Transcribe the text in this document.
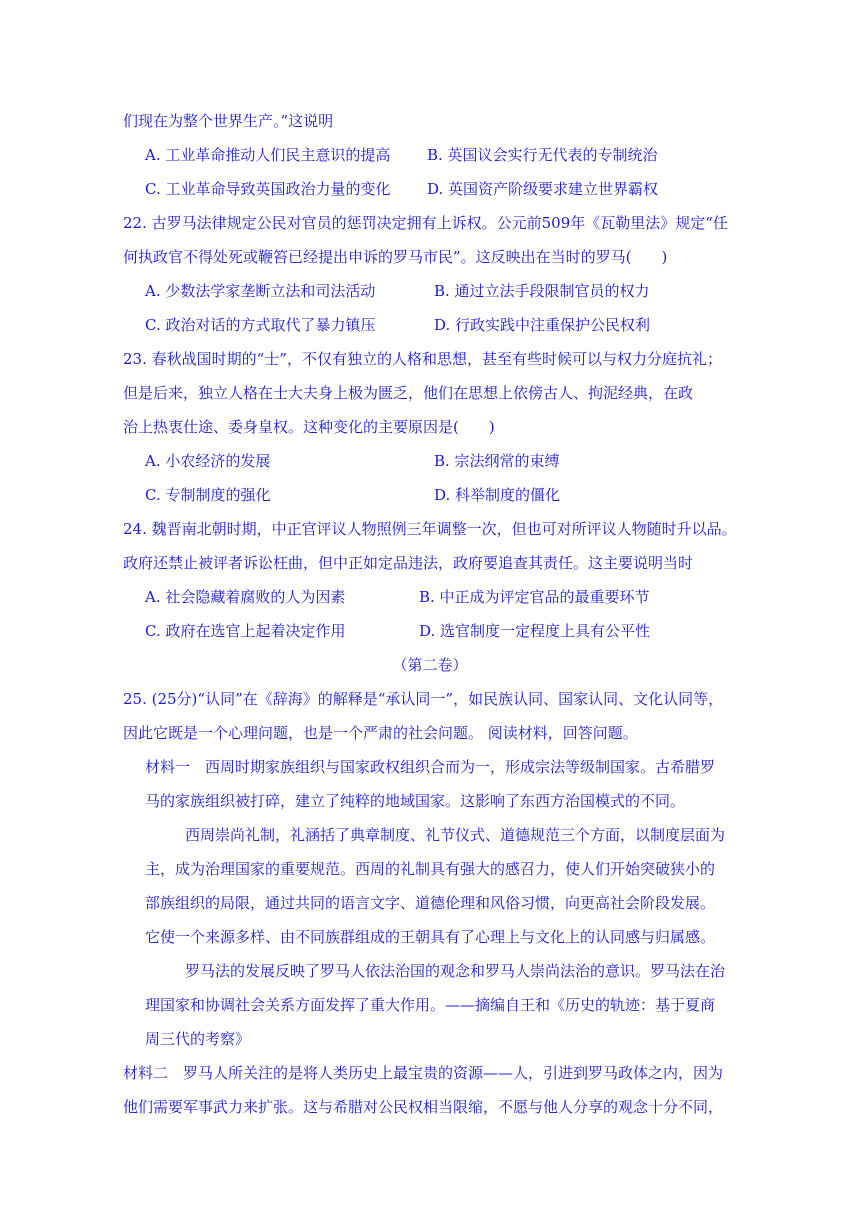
们现在为整个世界生产。”这说明
A. 工业革命推动人们民主意识的提高 B. 英国议会实行无代表的专制统治
C. 工业革命导致英国政治力量的变化 D. 英国资产阶级要求建立世界霸权
22. 古罗马法律规定公民对官员的惩罚决定拥有上诉权。公元前509年《瓦勒里法》规定“任
何执政官不得处死或鞭笞已经提出申诉的罗马市民”。这反映出在当时的罗马(　　)
A. 少数法学家垄断立法和司法活动	B. 通过立法手段限制官员的权力
C. 政治对话的方式取代了暴力镇压	D. 行政实践中注重保护公民权利
23. 春秋战国时期的“士”，不仅有独立的人格和思想，甚至有些时候可以与权力分庭抗礼；
但是后来，独立人格在士大夫身上极为匮乏，他们在思想上依傍古人、拘泥经典，在政
治上热衷仕途、委身皇权。这种变化的主要原因是(　　)
A. 小农经济的发展	B. 宗法纲常的束缚
C. 专制制度的强化	D. 科举制度的僵化
24. 魏晋南北朝时期，中正官评议人物照例三年调整一次，但也可对所评议人物随时升以品。
政府还禁止被评者诉讼枉曲，但中正如定品违法，政府要追查其责任。这主要说明当时
A. 社会隐藏着腐败的人为因素	B. 中正成为评定官品的最重要环节
C. 政府在选官上起着决定作用	D. 选官制度一定程度上具有公平性
（第二卷）
25. (25分)“认同”在《辞海》的解释是“承认同一”，如民族认同、国家认同、文化认同等，
因此它既是一个心理问题，也是一个严肃的社会问题。 阅读材料，回答问题。
材料一　西周时期家族组织与国家政权组织合而为一，形成宗法等级制国家。古希腊罗
马的家族组织被打碎，建立了纯粹的地域国家。这影响了东西方治国模式的不同。
西周崇尚礼制，礼涵括了典章制度、礼节仪式、道德规范三个方面，以制度层面为
主，成为治理国家的重要规范。西周的礼制具有强大的感召力，使人们开始突破狭小的
部族组织的局限，通过共同的语言文字、道德伦理和风俗习惯，向更高社会阶段发展。
它使一个来源多样、由不同族群组成的王朝具有了心理上与文化上的认同感与归属感。
罗马法的发展反映了罗马人依法治国的观念和罗马人崇尚法治的意识。罗马法在治
理国家和协调社会关系方面发挥了重大作用。——摘编自王和《历史的轨迹：基于夏商
周三代的考察》
材料二　罗马人所关注的是将人类历史上最宝贵的资源——人，引进到罗马政体之内，因为
他们需要军事武力来扩张。这与希腊对公民权相当限缩，不愿与他人分享的观念十分不同，
